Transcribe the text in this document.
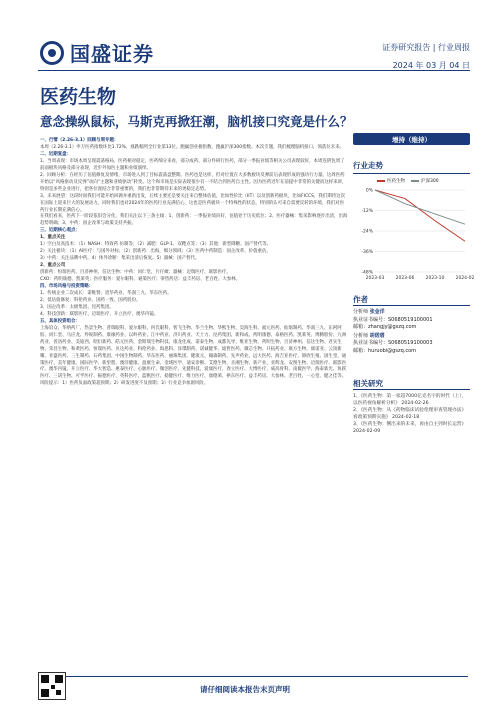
国盛证券	证券研究报告 | 行业周报
2024 年 03 月 04 日
医药生物
意念操纵鼠标，马斯克再掀狂潮，脑机接口究竟是什么？

一、行情（2.26-3.1）回顾与周专题：

本周（2.26-3.1）申万医药指数环比1.72%，涨跌幅列全行业第13位。跑赢创业板指数，跑赢沪深300指数。本次专题，我们梳理脑机接口，领落位未来。

二、近期复盘：

1、当周表现：市场本周呈现震荡格局，医药相对稳定，医药细分来看，部分成药、部分件研行医药，部分一季报业绩等相关公司表现较好，本周连阴包周了前面板块风格及部分表现，近步外加医主题和业绩演绎。

2、回顾分析：在经历了估值修复及情绪，市场进入到了目标震荡盘整期。医药也是这样，但对位置在大多数板块反弹前后表现形成的强功行力量。这周医药开始以“风格驱动及反弹”动向“主题和业绩驱动”转变。这个和市场是实际表现很少有一不结合到医药自主性。因为医药近年在前提中非常的关键而这样来讲，特别是多些企业进行，把各位置结合非常重要的，我们也非常期待未来的更稳定态势。

3、未来展望：这段时间我们可能开始回调并重新出发，后续主要还是要关注来自整体估值，比如性价比（IIT）以及创新药板块，比如FICCS，我们期待这次在国际上迎来巨大的发展动力。同时我们也对2024年的医药行业充满信心，这也是医药板块一个特殊性的状态，特别的认可来自需要反转的环境，我们对医药行业长期充满信心。

在我们看来，医药下一阶段依旧会分化，我们关注以下三条主线：1、创新药：一季报业绩向好，估值处于历史低位；2、医疗器械：集采影响逐步出清，出海趋势明确；3、中药：国企改革与政策支持共振。

三、近期核心观点：

1、重点关注

1）空白及高技术：（1）NASH：特效药 仿制等；（2）减肥：GLP-1、双靶点等；（3）其他：新型降糖、国产替代等。

2）关注板块：（1）AI医疗：与国外对标；（2）创新药：出海，细分领域；（3）医药中药制造：国企改革，价值重估。

3）中药：关注品牌中药。4）体外诊断：集采出清后恢复。5）器械：国产替代。

2、重点公司

创新药：恒瑞医药、百济神州、信达生物；中药：同仁堂、片仔癀；器械：迈瑞医疗、联影医疗。

CXO：药明康德、凯莱英；医疗服务：爱尔眼科、通策医疗；零售药店：益丰药房、老百姓、大参林。

四、市场风格与投资策略：

1、传统企业二次成长：诺唯赞、恩华药业、华润三九、华东医药。

2、低估值修复：科伦药业、国药一致、国药股份。

3、国企改革：太极集团、昆药集团。

4、科技创新：联影医疗、迈瑞医疗、开立医疗、澳华内镜。

五、具体投资组合：

上海谊众、华纳药厂、热景生物、普瑞眼科、爱尔眼科、何氏眼科、智飞生物、华兰生物、华熙生物、昊海生科、福元医药、仙琚制药、华润三九、东阿阿胶、同仁堂、马应龙、羚锐制药、康缘药业、以岭药业、江中药业、济川药业、天士力、昆药集团、新和成、药明康德、泰格医药、凯莱英、博腾股份、九洲药业、普洛药业、美迪西、昭衍新药、皓元医药、金斯瑞生物科技、康龙化成、诺泰生物、成都先导、维亚生物、药明生物、百济神州、信达生物、君实生物、荣昌生物、和黄医药、恒瑞医药、贝达药业、科伦药业、海思科、泽璟制药、诺诚健华、迪哲医药、微芯生物、开拓药业、康方生物、康诺亚、云顶新耀、亚盛医药、三生制药、石药集团、中国生物制药、华东医药、丽珠集团、健康元、翰森制药、先声药业、远大医药、海吉亚医疗、锦欣生殖、固生堂、通策医疗、美年健康、国际医学、新里程、澳洋健康、盈康生命、金域医学、迪安诊断、艾德生物、圣湘生物、新产业、亚辉龙、安图生物、迈瑞医疗、联影医疗、澳华内镜、开立医疗、华大智造、惠泰医疗、心脉医疗、微创医疗、先健科技、爱康医疗、春立医疗、大博医疗、威高骨科、南微医学、海泰新光、鱼跃医疗、三诺生物、可孚医疗、振德医疗、英科医疗、蓝帆医疗、稳健医疗、维力医疗、康德莱、拱东医疗、益丰药房、大参林、老百姓、一心堂、健之佳等。

风险提示：1）医药负面政策超预期；2）研发进度不及预期；3）行业竞争加剧风险。

增持（维持）
行业走势
医药生物	沪深300
0%
-12%
-24%
-36%
-48%
2023-03 2023-06 2023-10 2024-02
作者
分析师 张金洋
执业证书编号：S0680519100001
邮箱：zhangjy@gszq.com
分析师 胡偌碧
执业证书编号：S0680519100003
邮箱：huruobi@gszq.com
相关研究
1、《医药生物：第一家超7000亿克名字的时代（上），以医药视角解析分析》 2024-02-26
2、《医药生物：从《药物临床试验伦理审查管理办法》看政策预期实施》 2024-02-18
3、《医药生物：侧出来的未来，再由自主到时长运营》 2024-02-09
请仔细阅读本报告末页声明
